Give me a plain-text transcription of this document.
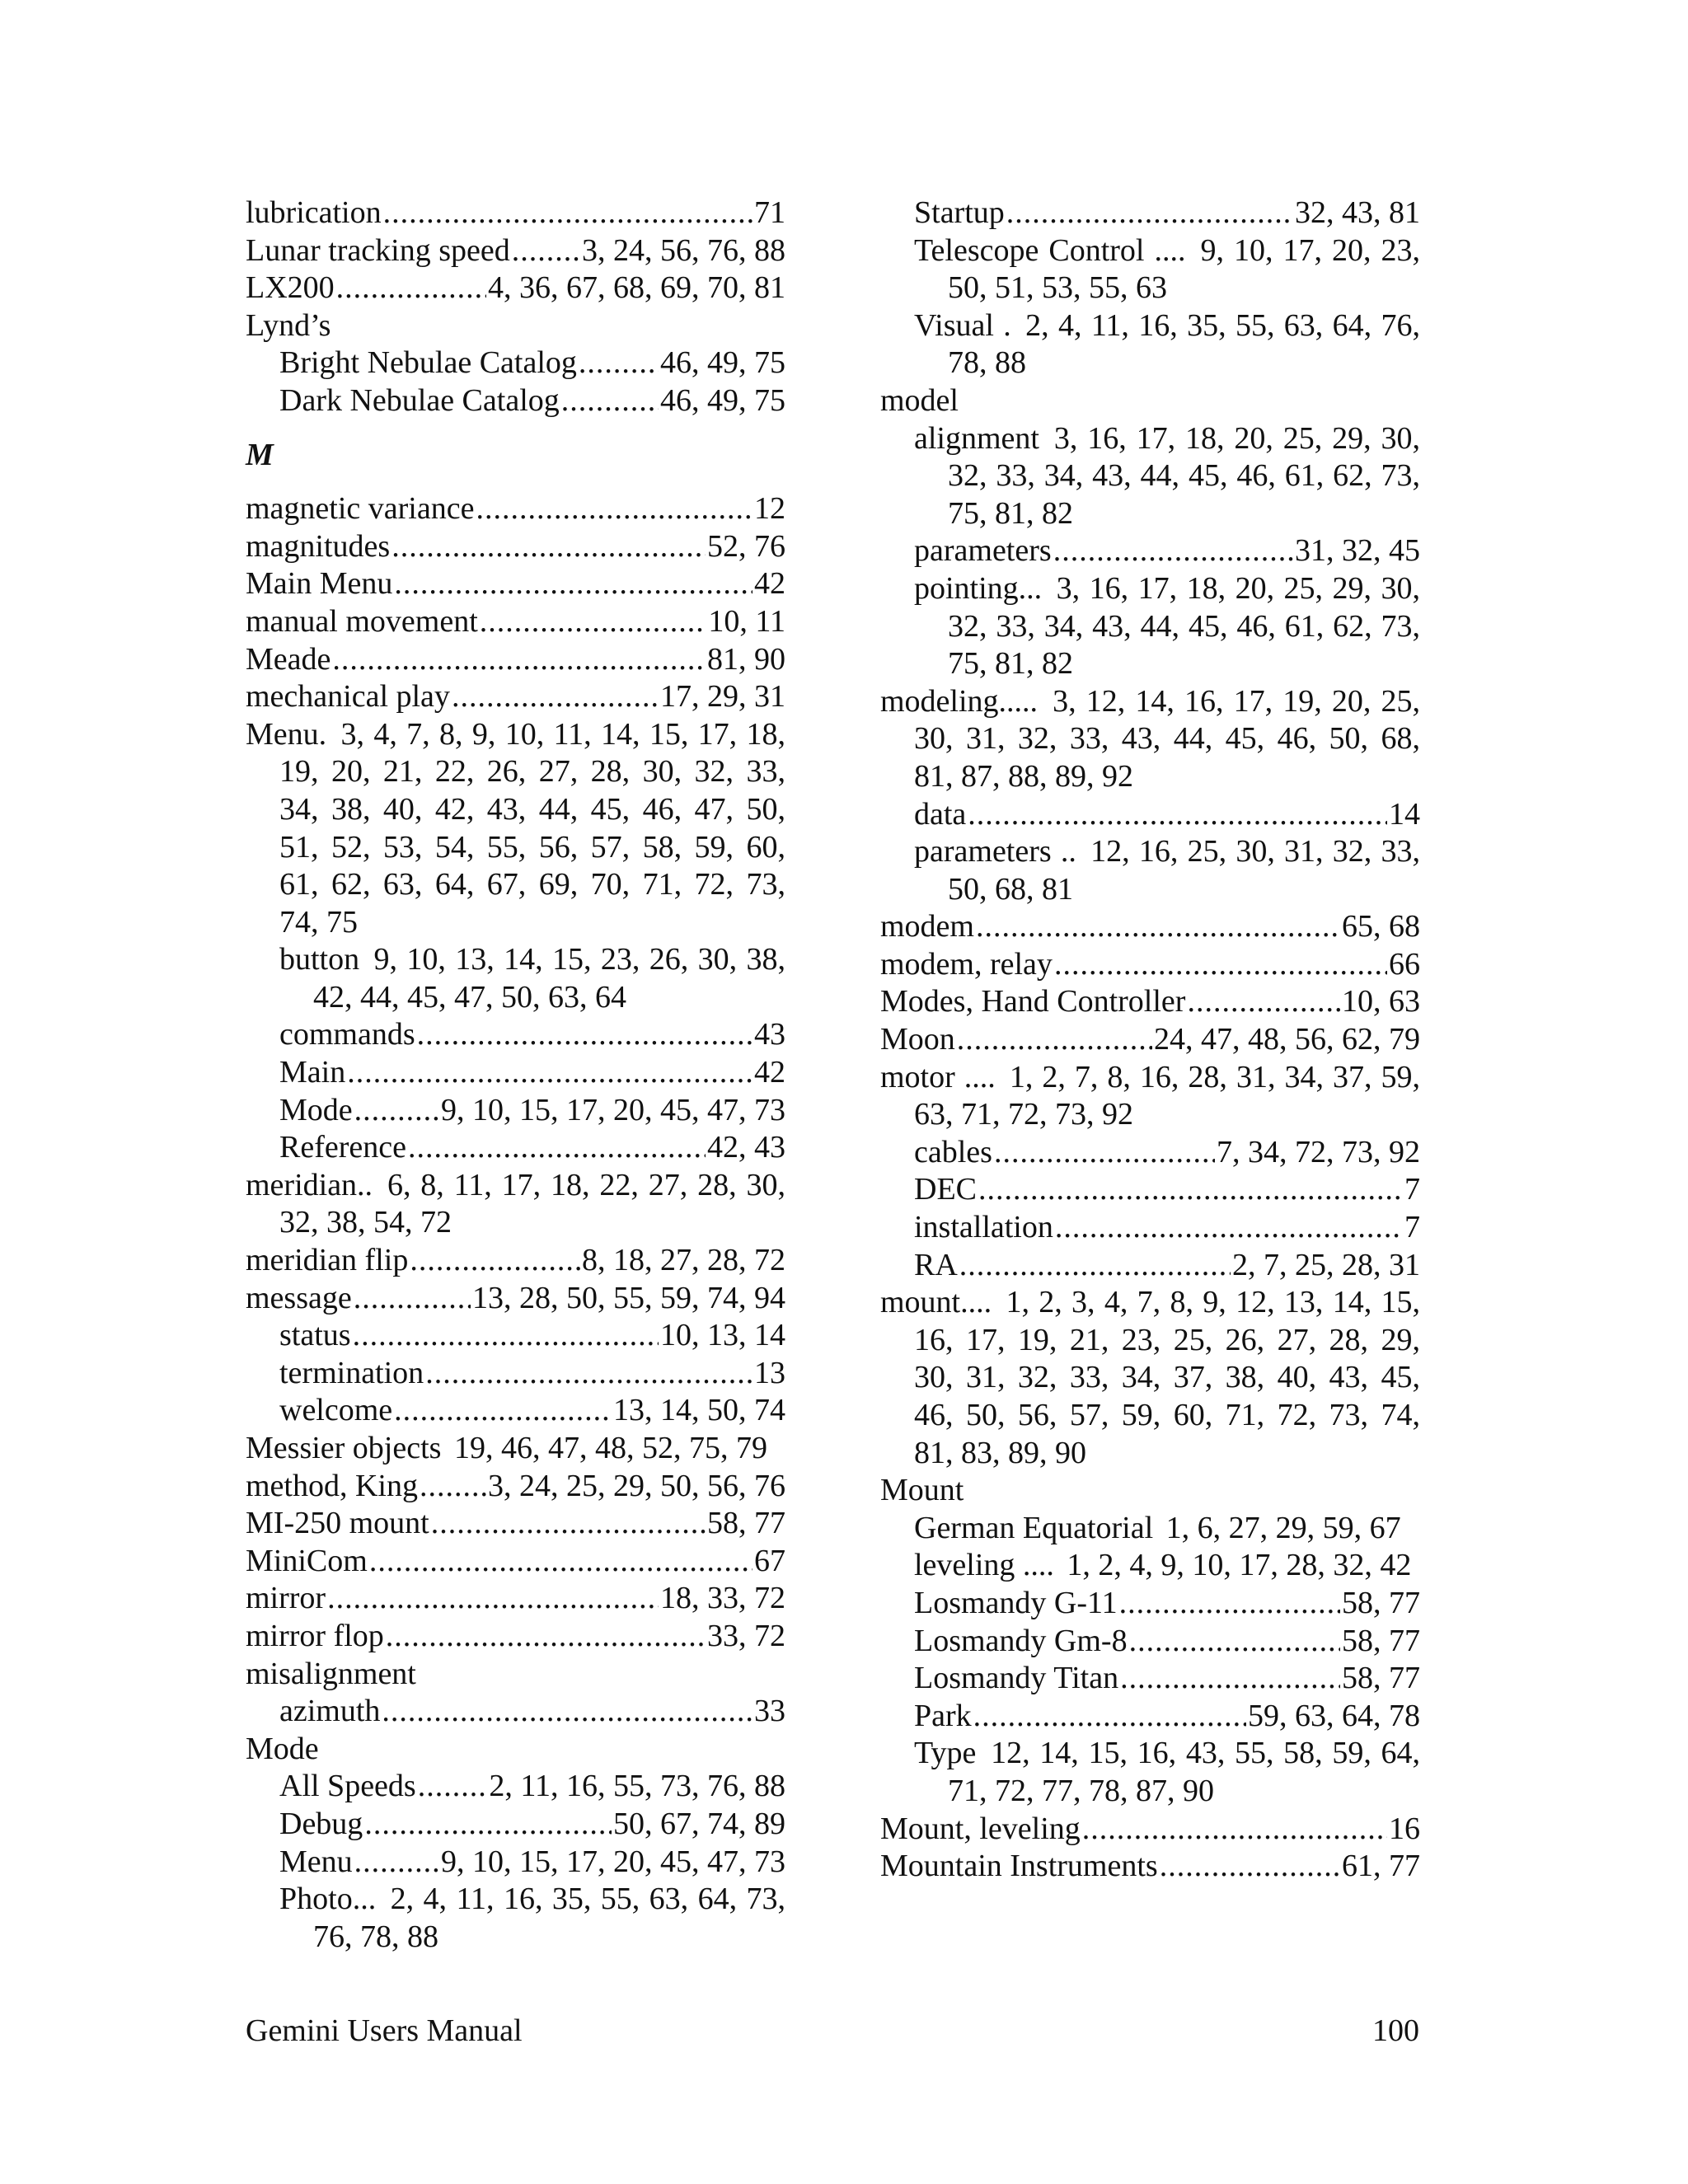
lubrication .....	71
Lunar tracking speed ..... 3, 24, 56, 76, 88
LX200 .....	4, 36, 67, 68, 69, 70, 81
Lynd’s
Bright Nebulae Catalog .....	46, 49, 75
Dark Nebulae Catalog .....	46, 49, 75
M
magnetic variance .....	12
magnitudes .....	52, 76
Main Menu .....	42
manual movement .....	10, 11
Meade .....	81, 90
mechanical play .....	17, 29, 31
Menu. 3, 4, 7, 8, 9, 10, 11, 14, 15, 17, 18, 19, 20, 21, 22, 26, 27, 28, 30, 32, 33, 34, 38, 40, 42, 43, 44, 45, 46, 47, 50, 51, 52, 53, 54, 55, 56, 57, 58, 59, 60, 61, 62, 63, 64, 67, 69, 70, 71, 72, 73, 74, 75
button 9, 10, 13, 14, 15, 23, 26, 30, 38, 42, 44, 45, 47, 50, 63, 64
commands .....	43
Main .....	42
Mode .....	9, 10, 15, 17, 20, 45, 47, 73
Reference .....	42, 43
meridian.. 6, 8, 11, 17, 18, 22, 27, 28, 30, 32, 38, 54, 72
meridian flip .....	8, 18, 27, 28, 72
message .....	13, 28, 50, 55, 59, 74, 94
status .....	10, 13, 14
termination .....	13
welcome .....	13, 14, 50, 74
Messier objects 19, 46, 47, 48, 52, 75, 79
method, King ..... 3, 24, 25, 29, 50, 56, 76
MI-250 mount .....	58, 77
MiniCom .....	67
mirror .....	18, 33, 72
mirror flop .....	33, 72
misalignment
azimuth .....	33
Mode
All Speeds ..... 2, 11, 16, 55, 73, 76, 88
Debug .....	50, 67, 74, 89
Menu .....	9, 10, 15, 17, 20, 45, 47, 73
Photo... 2, 4, 11, 16, 35, 55, 63, 64, 73, 76, 78, 88
Startup .....	32, 43, 81
Telescope Control .... 9, 10, 17, 20, 23, 50, 51, 53, 55, 63
Visual . 2, 4, 11, 16, 35, 55, 63, 64, 76, 78, 88
model
alignment 3, 16, 17, 18, 20, 25, 29, 30, 32, 33, 34, 43, 44, 45, 46, 61, 62, 73, 75, 81, 82
parameters .....	31, 32, 45
pointing... 3, 16, 17, 18, 20, 25, 29, 30, 32, 33, 34, 43, 44, 45, 46, 61, 62, 73, 75, 81, 82
modeling..... 3, 12, 14, 16, 17, 19, 20, 25, 30, 31, 32, 33, 43, 44, 45, 46, 50, 68, 81, 87, 88, 89, 92
data .....	14
parameters .. 12, 16, 25, 30, 31, 32, 33, 50, 68, 81
modem .....	65, 68
modem, relay .....	66
Modes, Hand Controller .....	10, 63
Moon .....	24, 47, 48, 56, 62, 79
motor .... 1, 2, 7, 8, 16, 28, 31, 34, 37, 59, 63, 71, 72, 73, 92
cables .....	7, 34, 72, 73, 92
DEC .....	7
installation .....	7
RA .....	2, 7, 25, 28, 31
mount.... 1, 2, 3, 4, 7, 8, 9, 12, 13, 14, 15, 16, 17, 19, 21, 23, 25, 26, 27, 28, 29, 30, 31, 32, 33, 34, 37, 38, 40, 43, 45, 46, 50, 56, 57, 59, 60, 71, 72, 73, 74, 81, 83, 89, 90
Mount
German Equatorial 1, 6, 27, 29, 59, 67
leveling .... 1, 2, 4, 9, 10, 17, 28, 32, 42
Losmandy G-11 .....	58, 77
Losmandy Gm-8 .....	58, 77
Losmandy Titan .....	58, 77
Park .....	59, 63, 64, 78
Type 12, 14, 15, 16, 43, 55, 58, 59, 64, 71, 72, 77, 78, 87, 90
Mount, leveling .....	16
Mountain Instruments .....	61, 77
Gemini Users Manual	100
